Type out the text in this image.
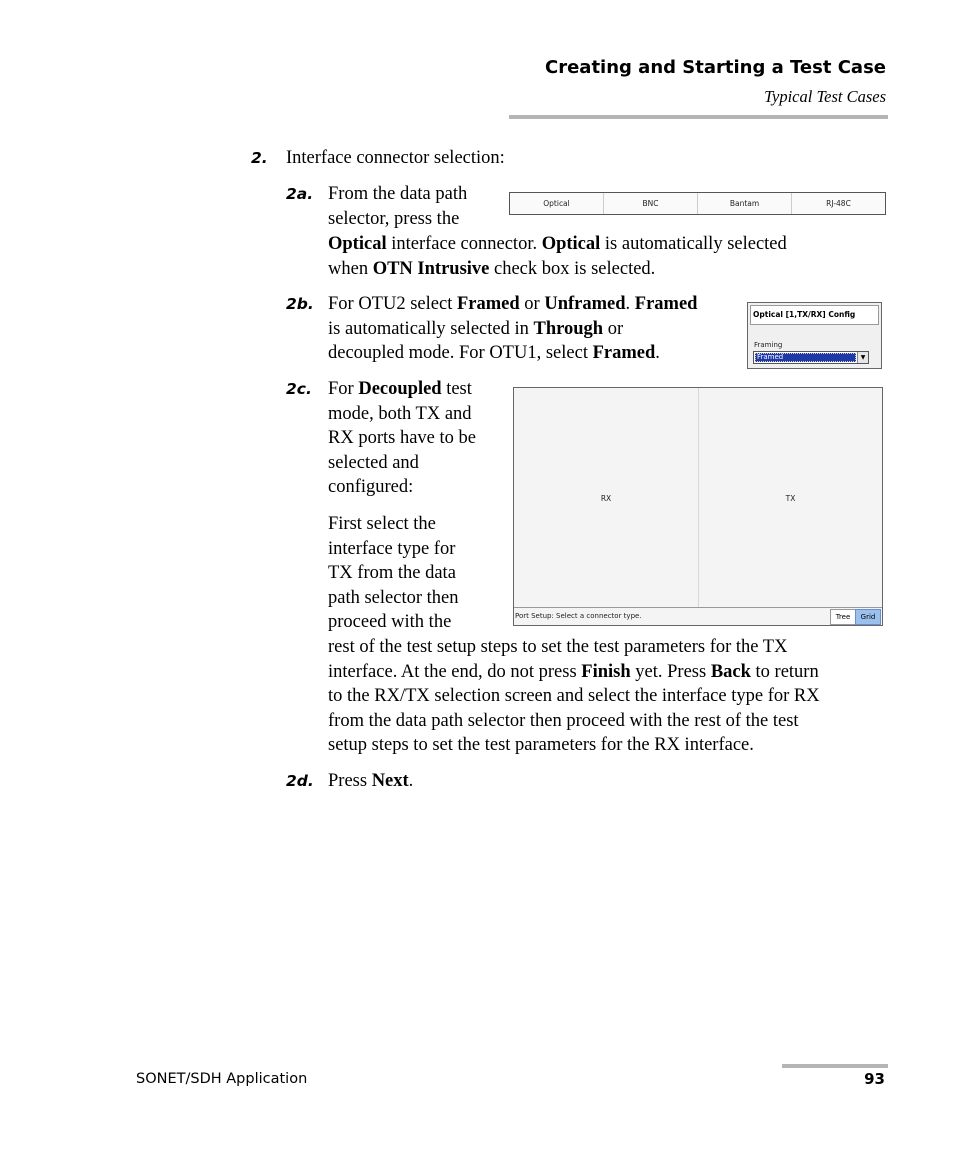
Creating and Starting a Test Case
Typical Test Cases
2. Interface connector selection:
2a. From the data path
selector, press the
Optical interface connector. Optical is automatically selected
when OTN Intrusive check box is selected.
Optical	BNC	Bantam	RJ-48C
2b. For OTU2 select Framed or Unframed. Framed
is automatically selected in Through or
decoupled mode. For OTU1, select Framed.
Optical [1,TX/RX] Config
Framing
Framed	▼
2c. For Decoupled test
mode, both TX and
RX ports have to be
selected and
configured:
First select the
interface type for
TX from the data
path selector then
proceed with the
rest of the test setup steps to set the test parameters for the TX
interface. At the end, do not press Finish yet. Press Back to return
to the RX/TX selection screen and select the interface type for RX
from the data path selector then proceed with the rest of the test
setup steps to set the test parameters for the RX interface.
RX	TX
Port Setup: Select a connector type.	Tree	Grid
2d. Press Next.
SONET/SDH Application	93
